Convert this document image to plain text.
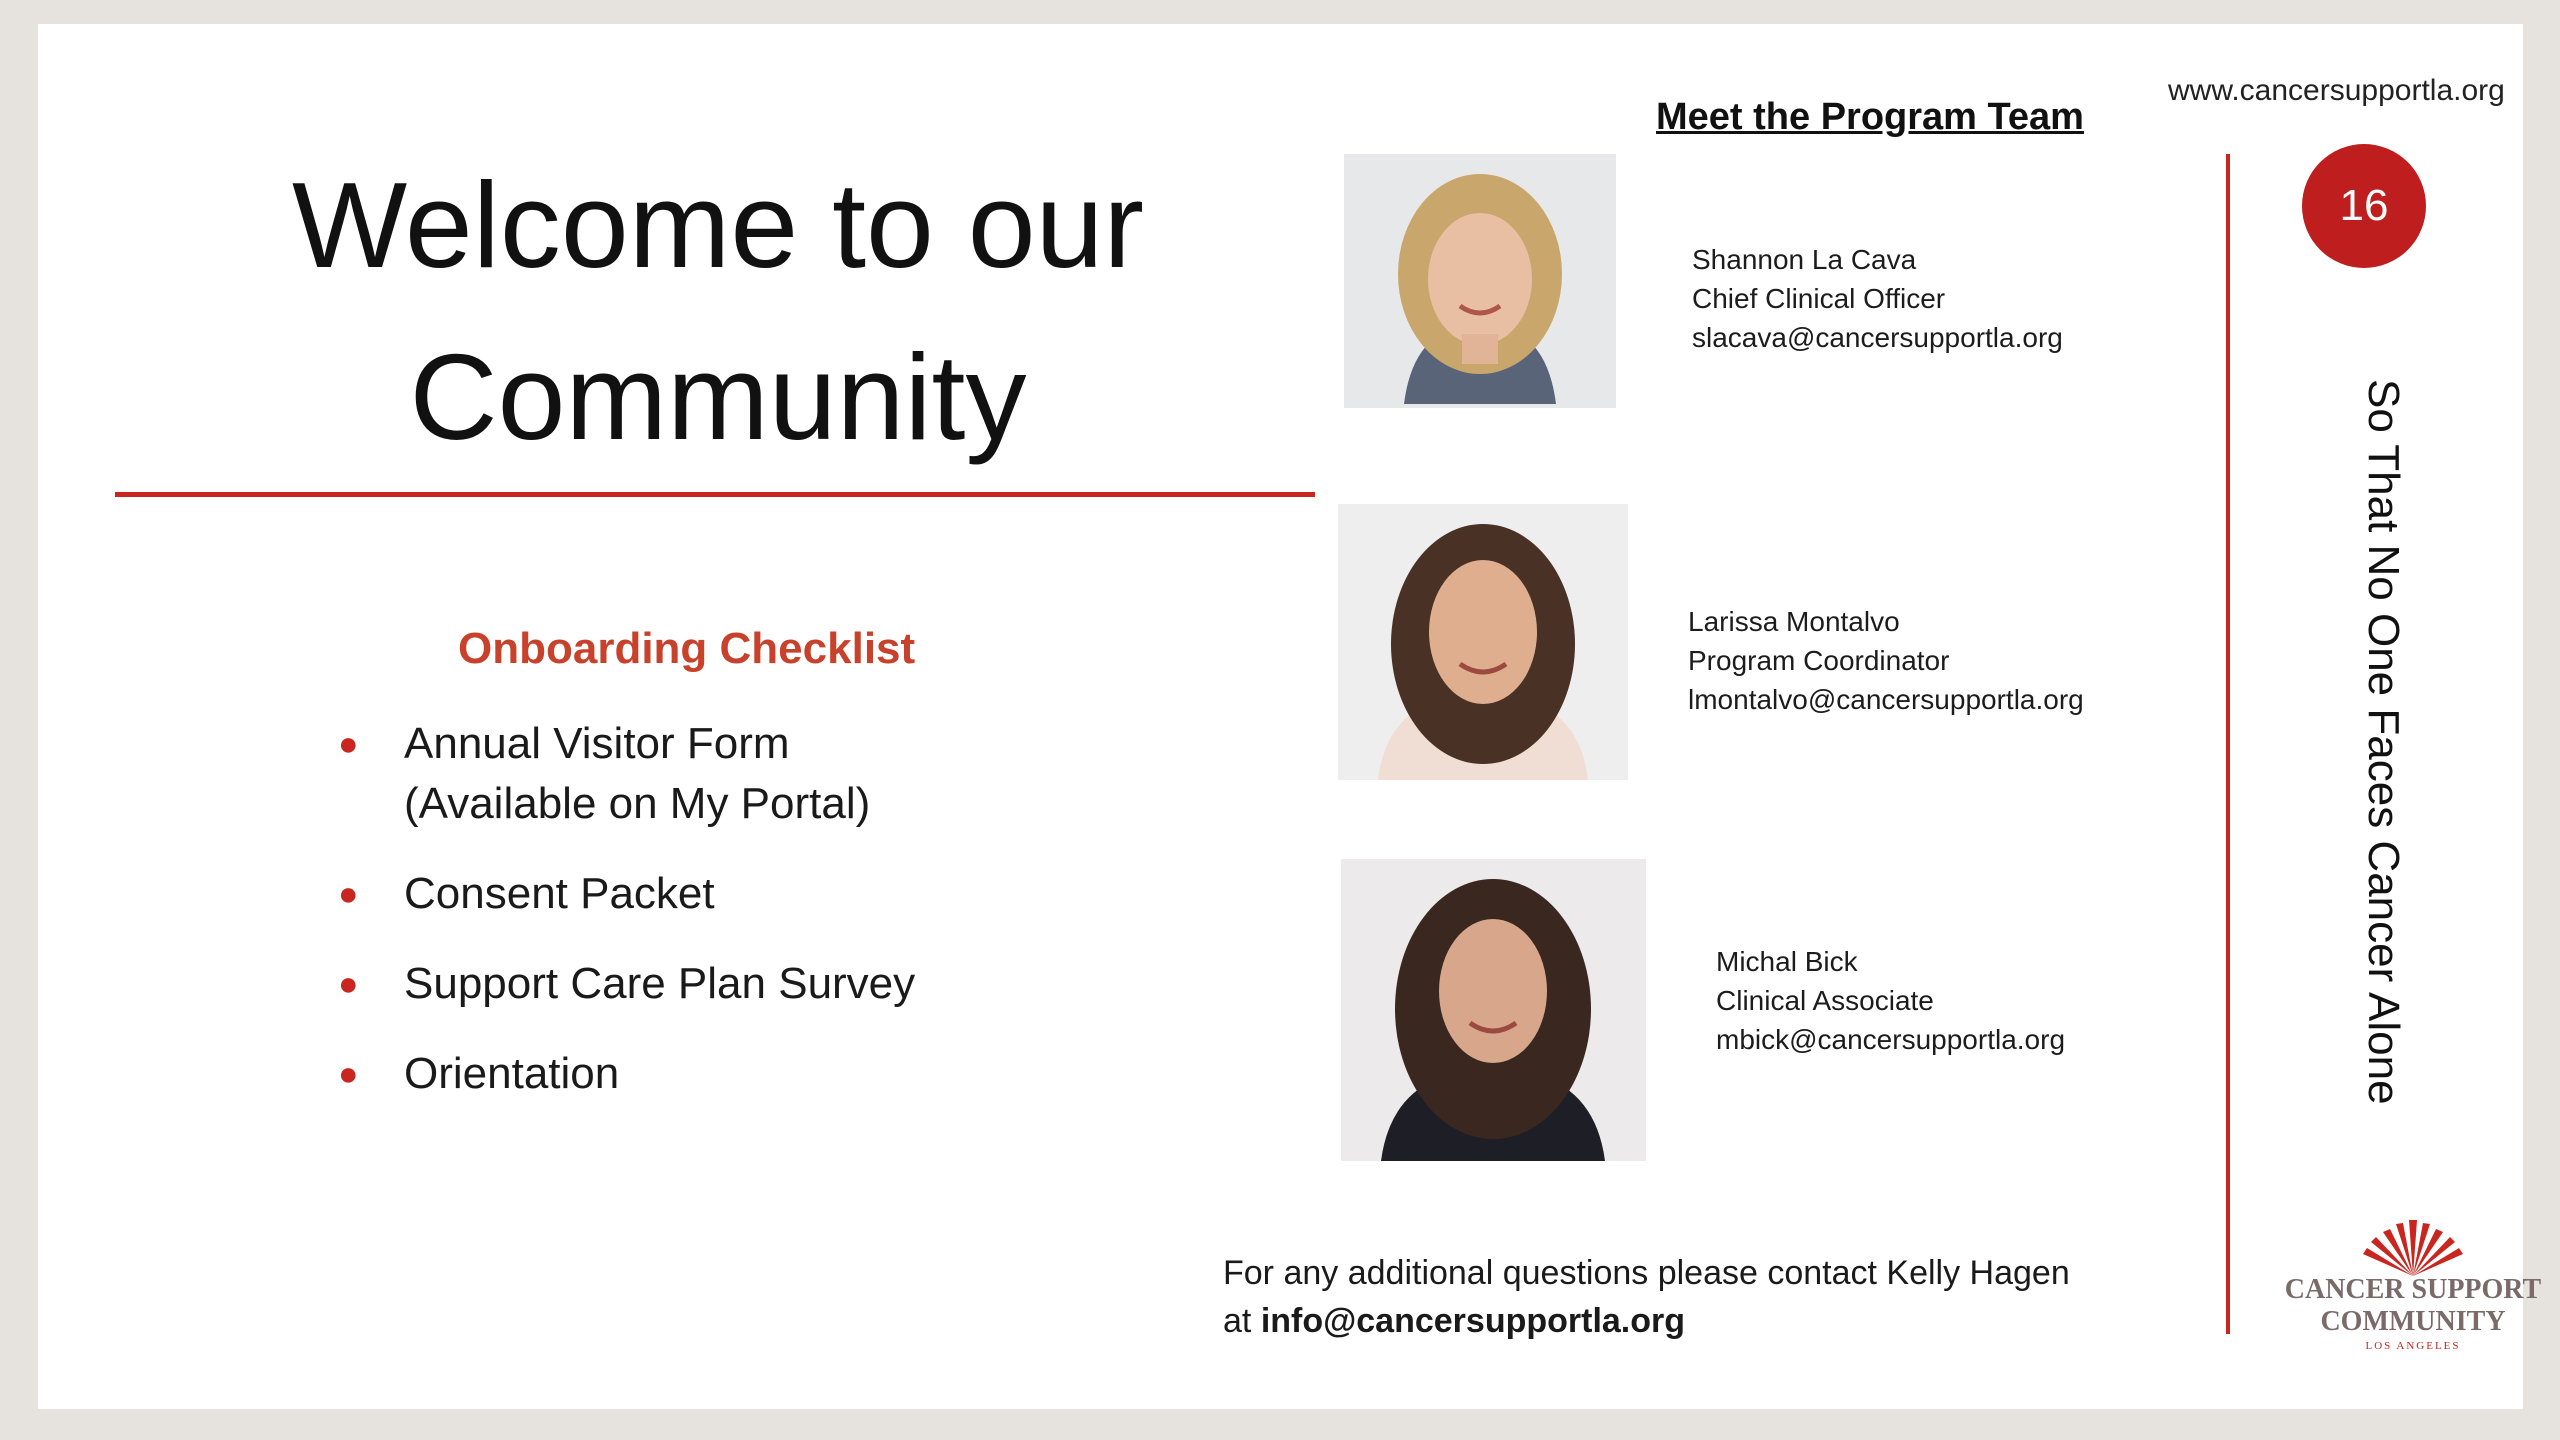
www.cancersupportla.org
Meet the Program Team
Welcome to our
Community
Onboarding Checklist
● Annual Visitor Form
(Available on My Portal)
● Consent Packet
● Support Care Plan Survey
● Orientation
Shannon La Cava
Chief Clinical Officer
slacava@cancersupportla.org
Larissa Montalvo
Program Coordinator
lmontalvo@cancersupportla.org
Michal Bick
Clinical Associate
mbick@cancersupportla.org
16
So That No One Faces Cancer Alone
For any additional questions please contact Kelly Hagen
at info@cancersupportla.org
CANCER SUPPORT
COMMUNITY
LOS ANGELES
